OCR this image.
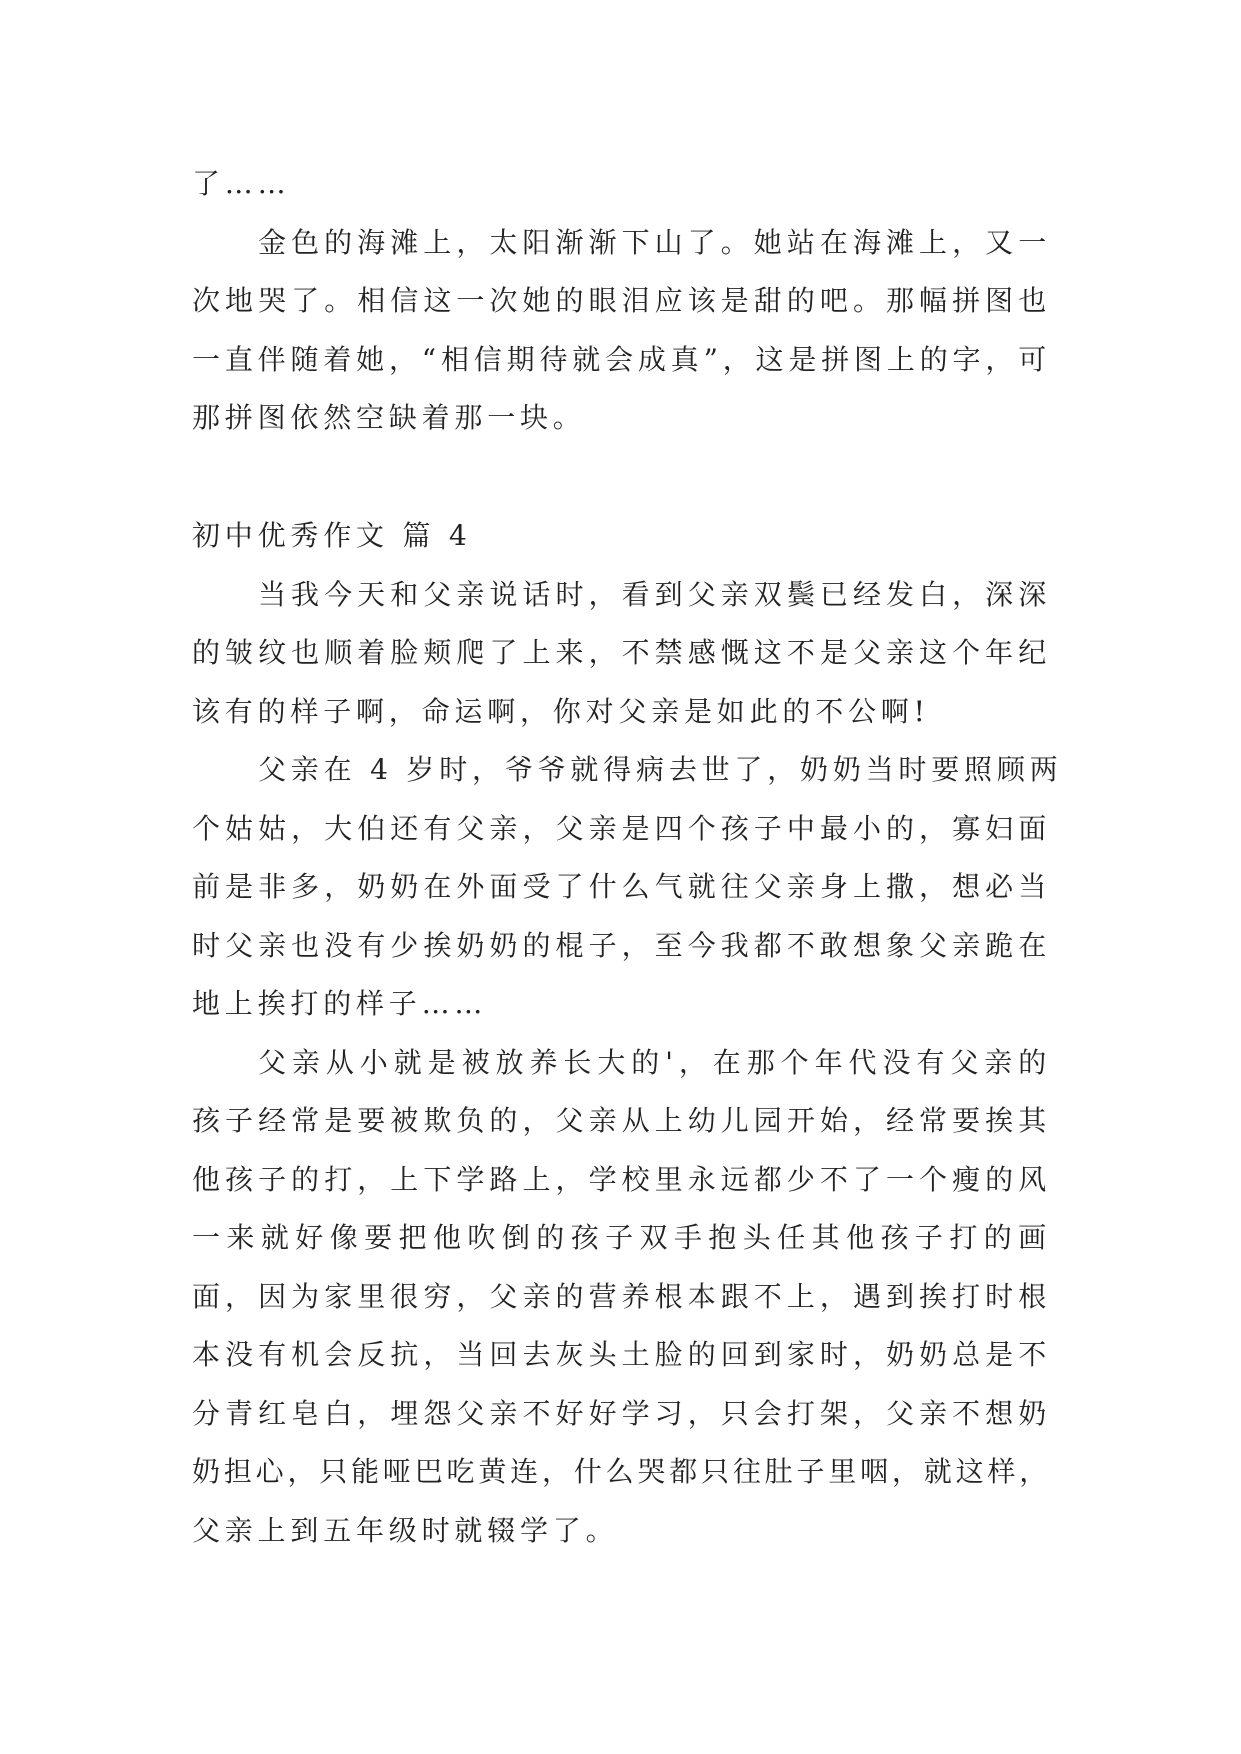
了……
金色的海滩上，太阳渐渐下山了。她站在海滩上，又一
次地哭了。相信这一次她的眼泪应该是甜的吧。那幅拼图也
一直伴随着她，“相信期待就会成真”，这是拼图上的字，可
那拼图依然空缺着那一块。
初中优秀作文 篇 4
当我今天和父亲说话时，看到父亲双鬓已经发白，深深
的皱纹也顺着脸颊爬了上来，不禁感慨这不是父亲这个年纪
该有的样子啊，命运啊，你对父亲是如此的不公啊!
父亲在 4 岁时，爷爷就得病去世了，奶奶当时要照顾两
个姑姑，大伯还有父亲，父亲是四个孩子中最小的，寡妇面
前是非多，奶奶在外面受了什么气就往父亲身上撒，想必当
时父亲也没有少挨奶奶的棍子，至今我都不敢想象父亲跪在
地上挨打的样子……
父亲从小就是被放养长大的'，在那个年代没有父亲的
孩子经常是要被欺负的，父亲从上幼儿园开始，经常要挨其
他孩子的打，上下学路上，学校里永远都少不了一个瘦的风
一来就好像要把他吹倒的孩子双手抱头任其他孩子打的画
面，因为家里很穷，父亲的营养根本跟不上，遇到挨打时根
本没有机会反抗，当回去灰头土脸的回到家时，奶奶总是不
分青红皂白，埋怨父亲不好好学习，只会打架，父亲不想奶
奶担心，只能哑巴吃黄连，什么哭都只往肚子里咽，就这样，
父亲上到五年级时就辍学了。
